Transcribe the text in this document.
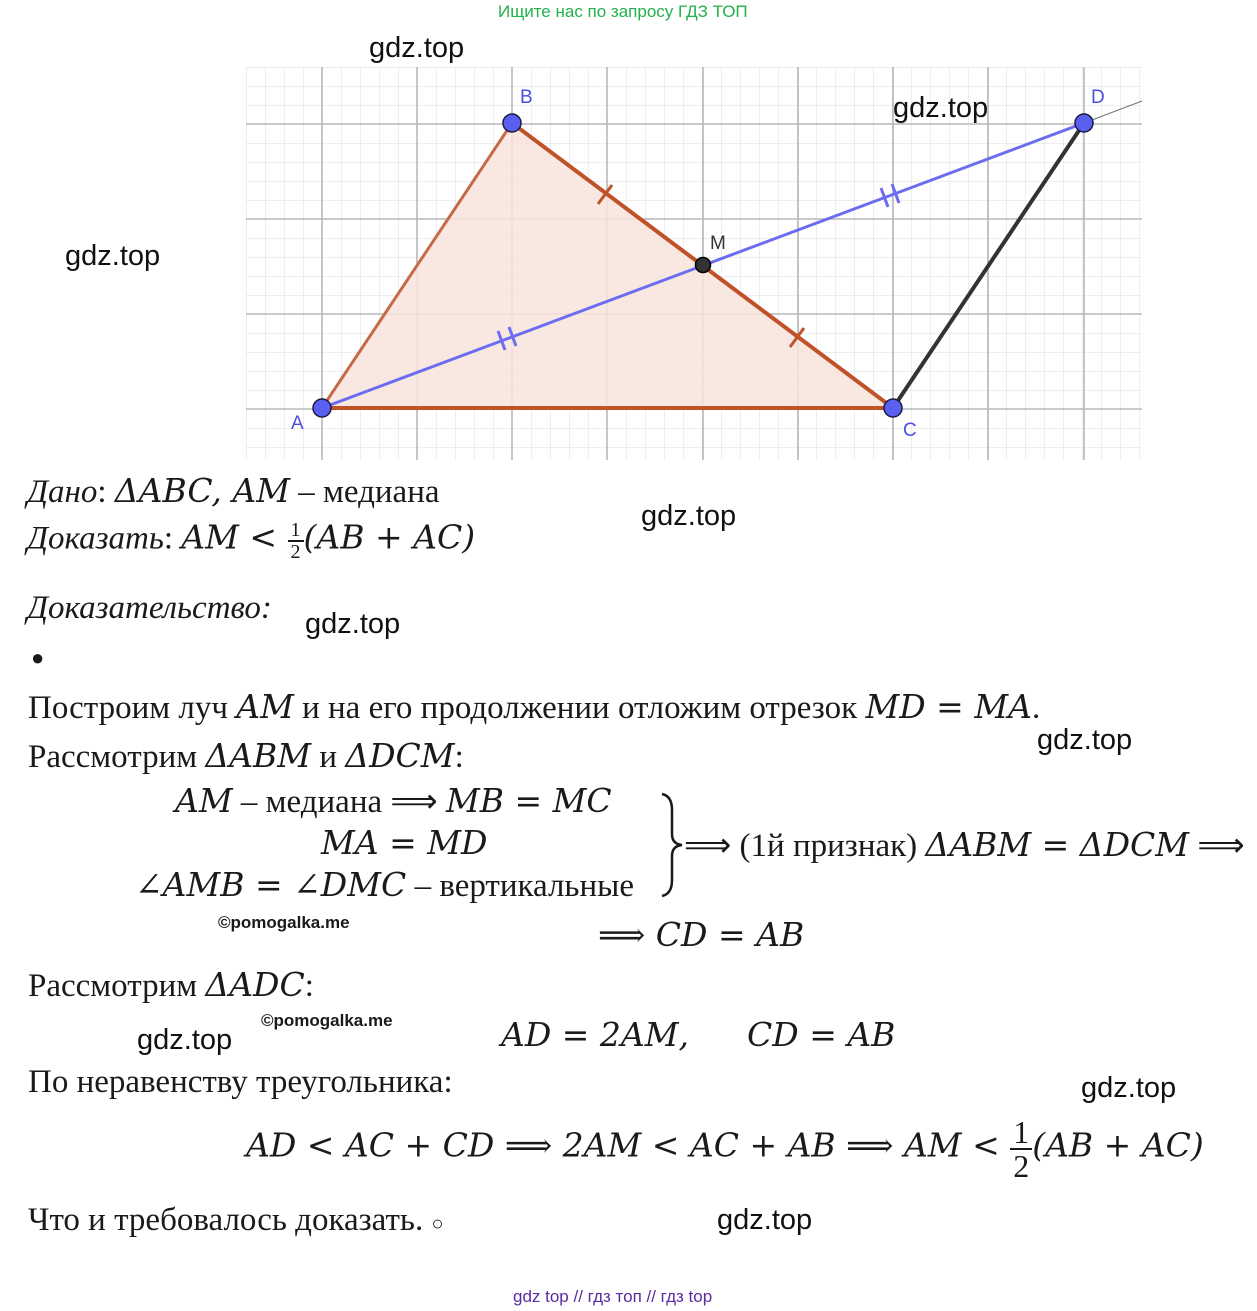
Ищите нас по запросу ГДЗ ТОП
A
B
C
D
M
gdz.top
gdz.top
gdz.top
gdz.top
gdz.top
gdz.top
gdz.top
gdz.top
gdz.top
Дано: ΔABC, AM – медиана
Доказать: AM < $\frac{1}{2} (AB + AC)$
Доказательство:
●
Построим луч AM и на его продолжении отложим отрезок MD = MA.
Рассмотрим ΔABM и ΔDCM:
AM – медиана ⟹ MB = MC
MA = MD
∠AMB = ∠DMC – вертикальные
⟹ (1й признак) ΔABM = ΔDCM ⟹
©pomogalka.me	⟹ CD = AB
Рассмотрим ΔADC:
©pomogalka.me	AD = 2AM, CD = AB
По неравенству треугольника:
AD < AC + CD ⟹ 2AM < AC + AB ⟹ AM < $\frac{1}{2} (AB + AC)$
Что и требовалось доказать. ○
gdz top // гдз топ // гдз top
